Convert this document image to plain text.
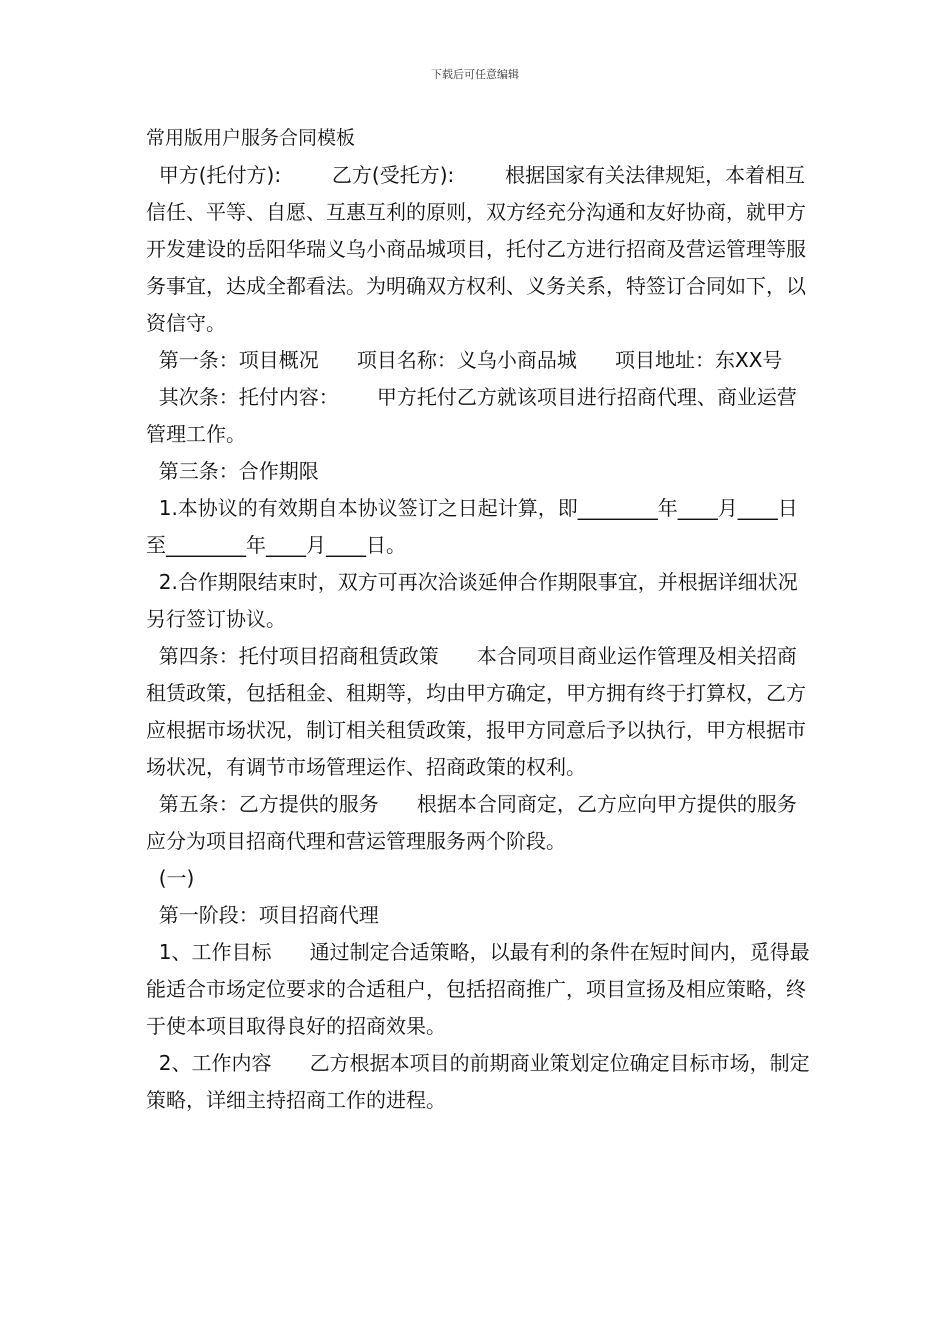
下载后可任意编辑

常用版用户服务合同模板

甲方(托付方):        乙方(受托方):        根据国家有关法律规矩，本着相互信任、平等、自愿、互惠互利的原则，双方经充分沟通和友好协商，就甲方开发建设的岳阳华瑞义乌小商品城项目，托付乙方进行招商及营运管理等服务事宜，达成全都看法。为明确双方权利、义务关系，特签订合同如下，以资信守。

第一条：项目概况      项目名称：义乌小商品城      项目地址：东XX号

其次条：托付内容：      甲方托付乙方就该项目进行招商代理、商业运营管理工作。

第三条：合作期限

1.本协议的有效期自本协议签订之日起计算，即________年____月____日至________年____月____日。

2.合作期限结束时，双方可再次洽谈延伸合作期限事宜，并根据详细状况另行签订协议。

第四条：托付项目招商租赁政策      本合同项目商业运作管理及相关招商租赁政策，包括租金、租期等，均由甲方确定，甲方拥有终于打算权，乙方应根据市场状况，制订相关租赁政策，报甲方同意后予以执行，甲方根据市场状况，有调节市场管理运作、招商政策的权利。

第五条：乙方提供的服务      根据本合同商定，乙方应向甲方提供的服务应分为项目招商代理和营运管理服务两个阶段。

(一)

第一阶段：项目招商代理

1、工作目标      通过制定合适策略，以最有利的条件在短时间内，觅得最能适合市场定位要求的合适租户，包括招商推广，项目宣扬及相应策略，终于使本项目取得良好的招商效果。

2、工作内容      乙方根据本项目的前期商业策划定位确定目标市场，制定策略，详细主持招商工作的进程。
